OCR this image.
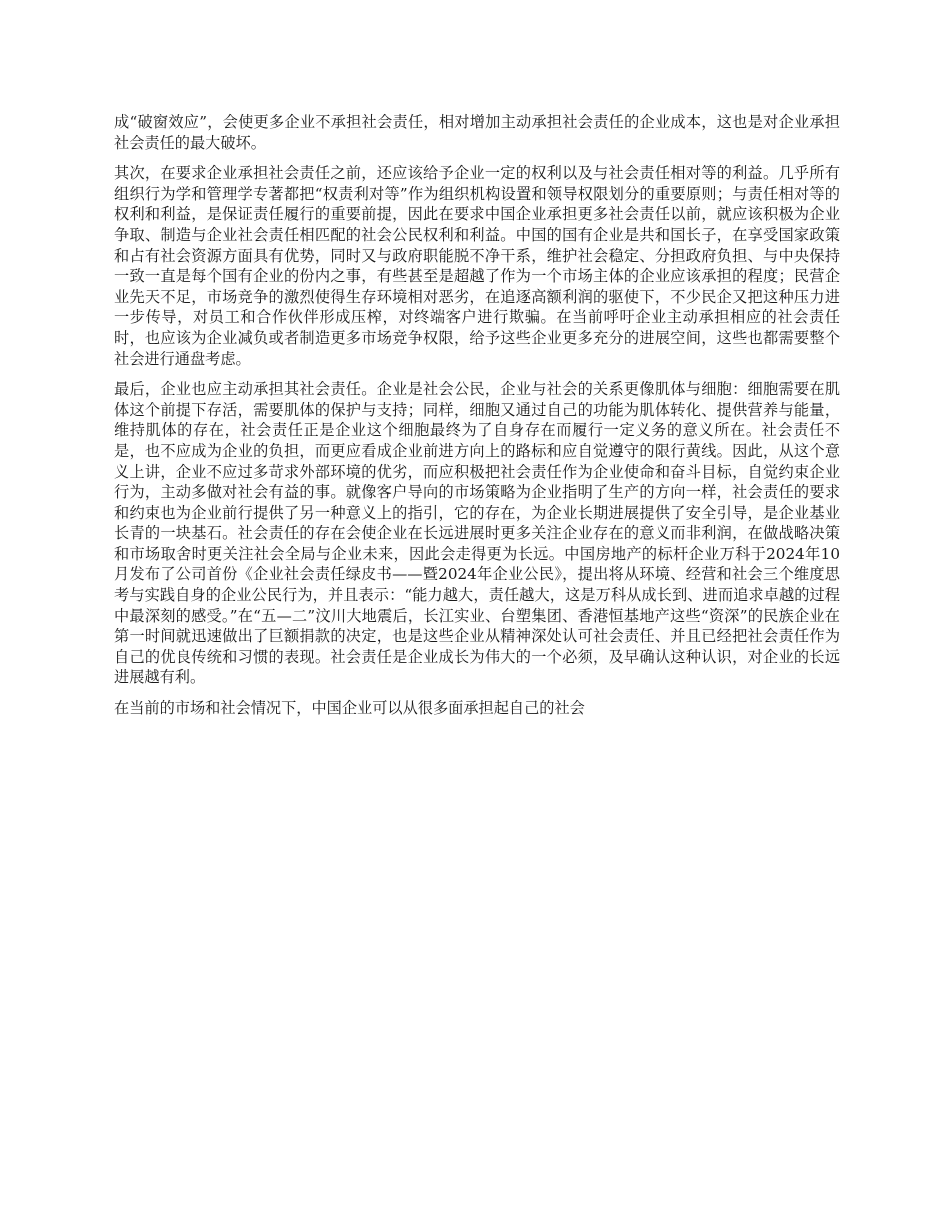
成“破窗效应”，会使更多企业不承担社会责任，相对增加主动承担社会责任的企业成本，这也是对企业承担社会责任的最大破坏。

其次，在要求企业承担社会责任之前，还应该给予企业一定的权利以及与社会责任相对等的利益。几乎所有组织行为学和管理学专著都把“权责利对等”作为组织机构设置和领导权限划分的重要原则；与责任相对等的权利和利益，是保证责任履行的重要前提，因此在要求中国企业承担更多社会责任以前，就应该积极为企业争取、制造与企业社会责任相匹配的社会公民权利和利益。中国的国有企业是共和国长子，在享受国家政策和占有社会资源方面具有优势，同时又与政府职能脱不净干系，维护社会稳定、分担政府负担、与中央保持一致一直是每个国有企业的份内之事，有些甚至是超越了作为一个市场主体的企业应该承担的程度；民营企业先天不足，市场竞争的激烈使得生存环境相对恶劣，在追逐高额利润的驱使下，不少民企又把这种压力进一步传导，对员工和合作伙伴形成压榨，对终端客户进行欺骗。在当前呼吁企业主动承担相应的社会责任时，也应该为企业减负或者制造更多市场竞争权限，给予这些企业更多充分的进展空间，这些也都需要整个社会进行通盘考虑。

最后，企业也应主动承担其社会责任。企业是社会公民，企业与社会的关系更像肌体与细胞：细胞需要在肌体这个前提下存活，需要肌体的保护与支持；同样，细胞又通过自己的功能为肌体转化、提供营养与能量，维持肌体的存在，社会责任正是企业这个细胞最终为了自身存在而履行一定义务的意义所在。社会责任不是，也不应成为企业的负担，而更应看成企业前进方向上的路标和应自觉遵守的限行黄线。因此，从这个意义上讲，企业不应过多苛求外部环境的优劣，而应积极把社会责任作为企业使命和奋斗目标，自觉约束企业行为，主动多做对社会有益的事。就像客户导向的市场策略为企业指明了生产的方向一样，社会责任的要求和约束也为企业前行提供了另一种意义上的指引，它的存在，为企业长期进展提供了安全引导，是企业基业长青的一块基石。社会责任的存在会使企业在长远进展时更多关注企业存在的意义而非利润，在做战略决策和市场取舍时更关注社会全局与企业未来，因此会走得更为长远。中国房地产的标杆企业万科于2024年10月发布了公司首份《企业社会责任绿皮书——暨2024年企业公民》，提出将从环境、经营和社会三个维度思考与实践自身的企业公民行为，并且表示：“能力越大，责任越大，这是万科从成长到、进而追求卓越的过程中最深刻的感受。”在“五—二”汶川大地震后，长江实业、台塑集团、香港恒基地产这些“资深”的民族企业在第一时间就迅速做出了巨额捐款的决定，也是这些企业从精神深处认可社会责任、并且已经把社会责任作为自己的优良传统和习惯的表现。社会责任是企业成长为伟大的一个必须，及早确认这种认识，对企业的长远进展越有利。

在当前的市场和社会情况下，中国企业可以从很多面承担起自己的社会
